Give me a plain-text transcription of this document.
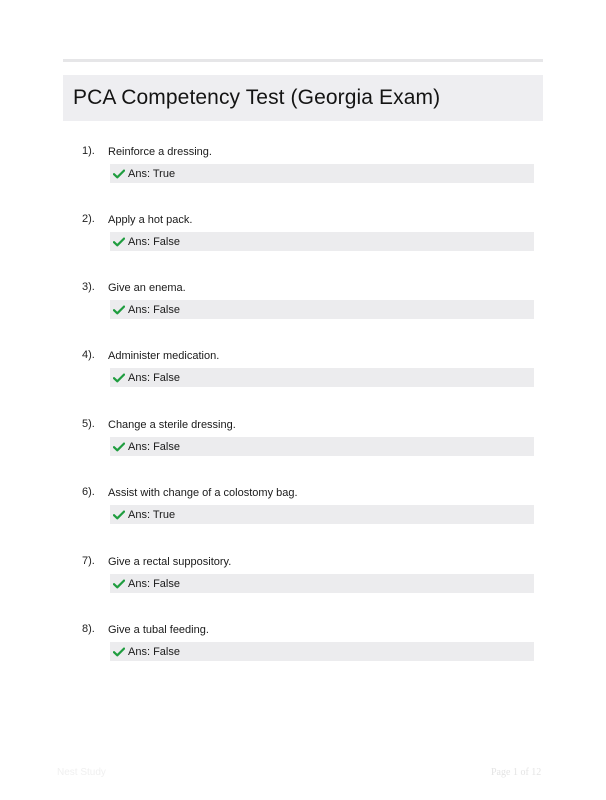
PCA Competency Test (Georgia Exam)
1). Reinforce a dressing.
Ans: True
2). Apply a hot pack.
Ans: False
3). Give an enema.
Ans: False
4). Administer medication.
Ans: False
5). Change a sterile dressing.
Ans: False
6). Assist with change of a colostomy bag.
Ans: True
7). Give a rectal suppository.
Ans: False
8). Give a tubal feeding.
Ans: False
Nest Study	Page 1 of 12
